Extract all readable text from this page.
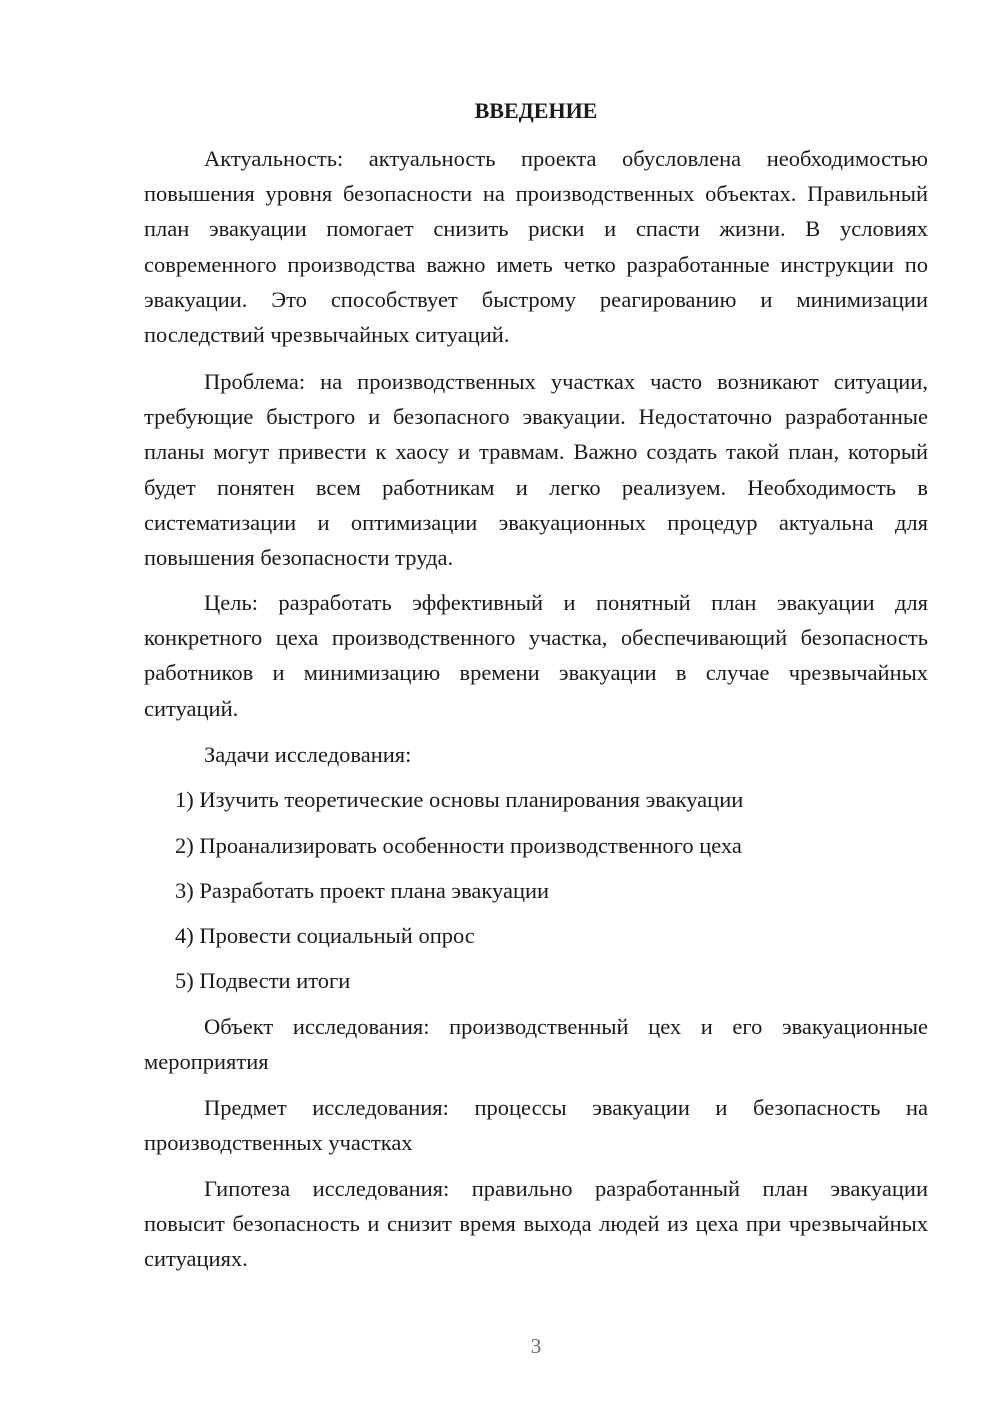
ВВЕДЕНИЕ

Актуальность: актуальность проекта обусловлена необходимостью повышения уровня безопасности на производственных объектах. Правильный план эвакуации помогает снизить риски и спасти жизни. В условиях современного производства важно иметь четко разработанные инструкции по эвакуации. Это способствует быстрому реагированию и минимизации последствий чрезвычайных ситуаций.

Проблема: на производственных участках часто возникают ситуации, требующие быстрого и безопасного эвакуации. Недостаточно разработанные планы могут привести к хаосу и травмам. Важно создать такой план, который будет понятен всем работникам и легко реализуем. Необходимость в систематизации и оптимизации эвакуационных процедур актуальна для повышения безопасности труда.

Цель: разработать эффективный и понятный план эвакуации для конкретного цеха производственного участка, обеспечивающий безопасность работников и минимизацию времени эвакуации в случае чрезвычайных ситуаций.

Задачи исследования:

1) Изучить теоретические основы планирования эвакуации

2) Проанализировать особенности производственного цеха

3) Разработать проект плана эвакуации

4) Провести социальный опрос

5) Подвести итоги

Объект исследования: производственный цех и его эвакуационные мероприятия

Предмет исследования: процессы эвакуации и безопасность на производственных участках

Гипотеза исследования: правильно разработанный план эвакуации повысит безопасность и снизит время выхода людей из цеха при чрезвычайных ситуациях.

3
